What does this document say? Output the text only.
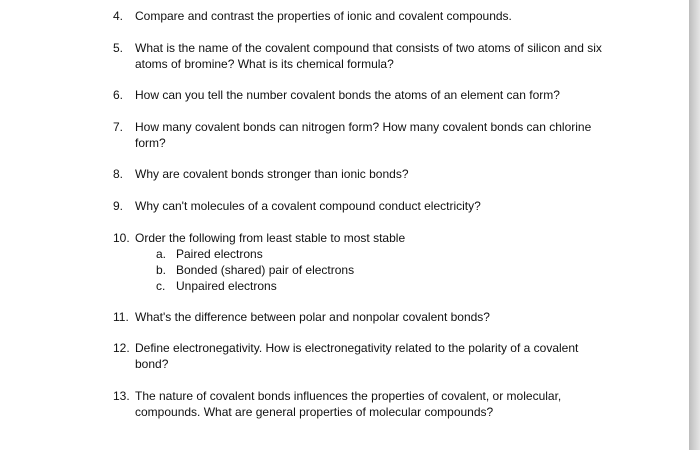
4. Compare and contrast the properties of ionic and covalent compounds.
5. What is the name of the covalent compound that consists of two atoms of silicon and six
atoms of bromine? What is its chemical formula?
6. How can you tell the number covalent bonds the atoms of an element can form?
7. How many covalent bonds can nitrogen form? How many covalent bonds can chlorine
form?
8. Why are covalent bonds stronger than ionic bonds?
9. Why can't molecules of a covalent compound conduct electricity?
10. Order the following from least stable to most stable
a. Paired electrons
b. Bonded (shared) pair of electrons
c. Unpaired electrons
11. What's the difference between polar and nonpolar covalent bonds?
12. Define electronegativity. How is electronegativity related to the polarity of a covalent
bond?
13. The nature of covalent bonds influences the properties of covalent, or molecular,
compounds. What are general properties of molecular compounds?
